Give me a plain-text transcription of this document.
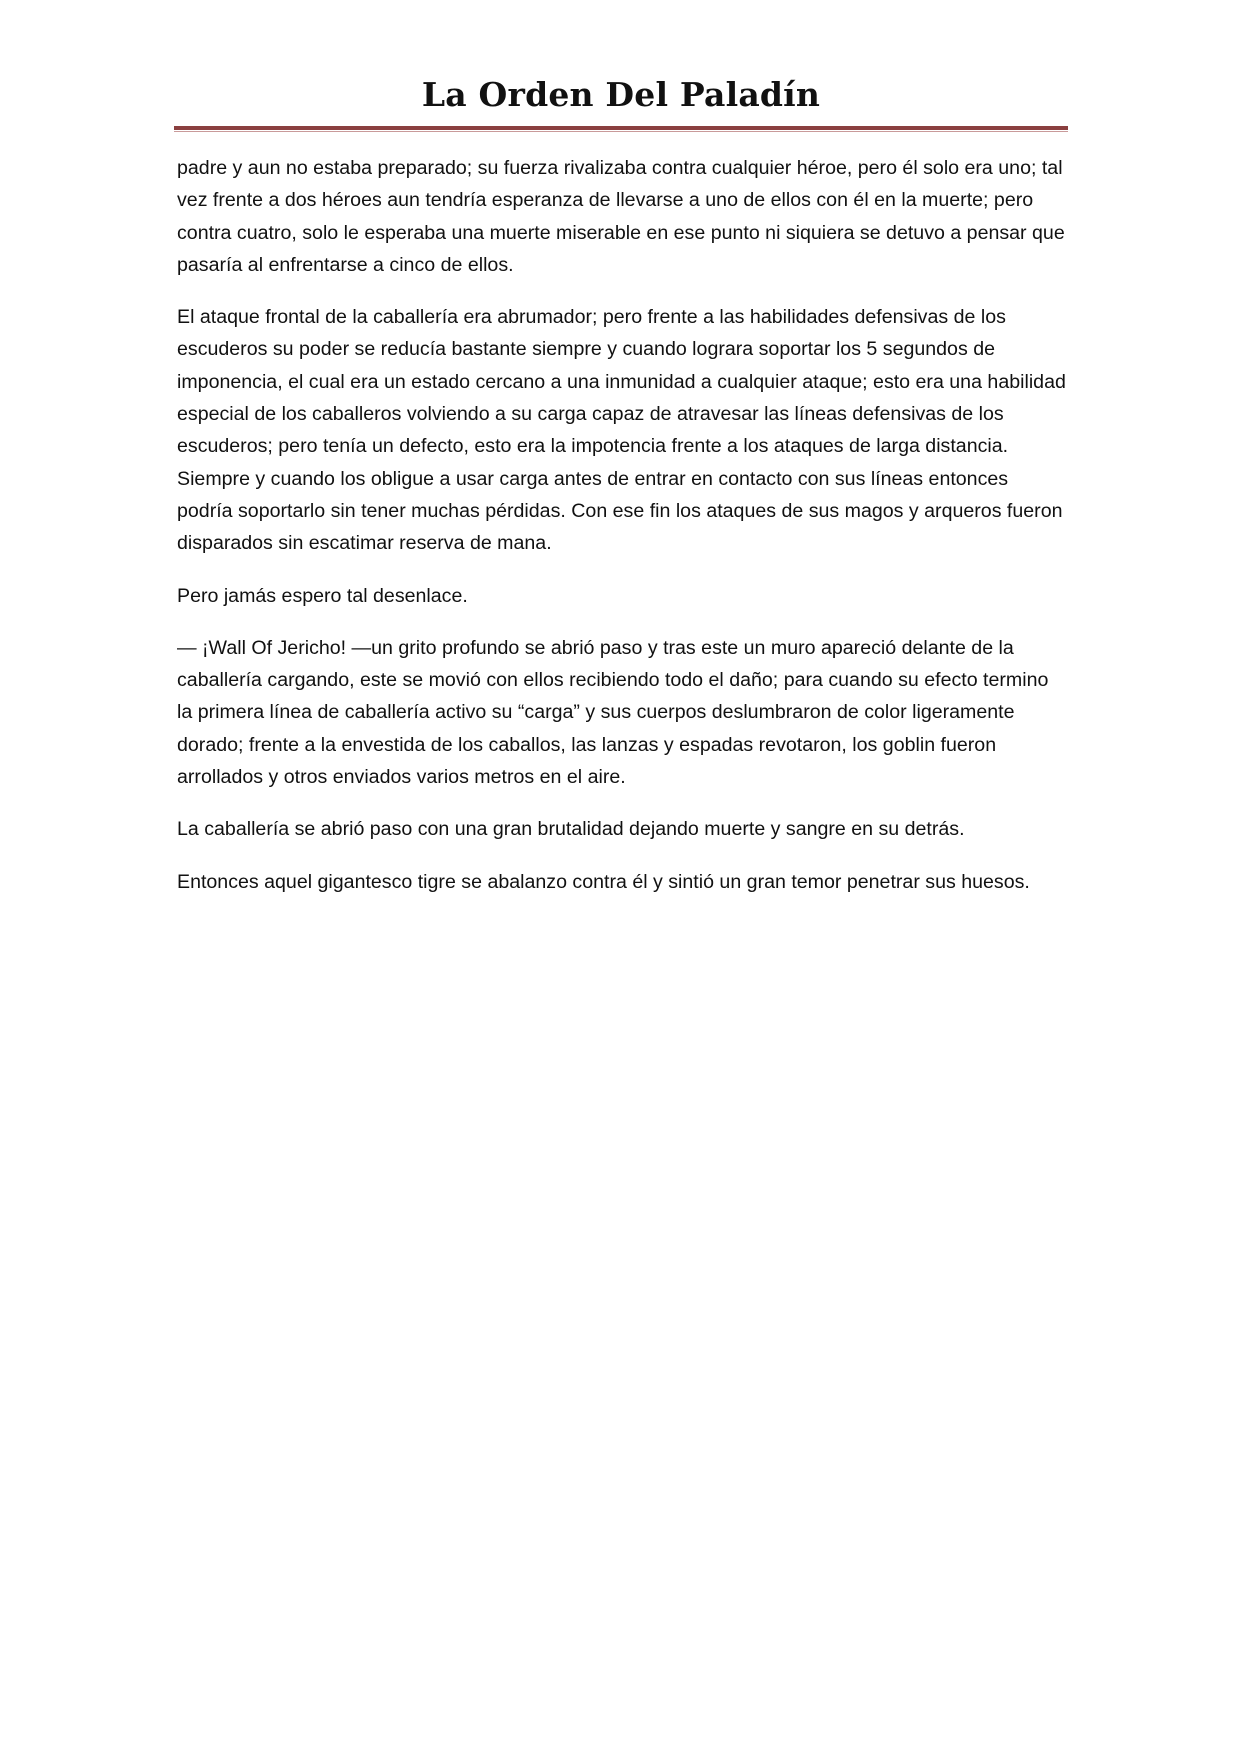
La Orden Del Paladín

padre y aun no estaba preparado; su fuerza rivalizaba contra cualquier héroe, pero él solo era uno; tal vez frente a dos héroes aun tendría esperanza de llevarse a uno de ellos con él en la muerte; pero contra cuatro, solo le esperaba una muerte miserable en ese punto ni siquiera se detuvo a pensar que pasaría al enfrentarse a cinco de ellos.

El ataque frontal de la caballería era abrumador; pero frente a las habilidades defensivas de los escuderos su poder se reducía bastante siempre y cuando lograra soportar los 5 segundos de imponencia, el cual era un estado cercano a una inmunidad a cualquier ataque; esto era una habilidad especial de los caballeros volviendo a su carga capaz de atravesar las líneas defensivas de los escuderos; pero tenía un defecto, esto era la impotencia frente a los ataques de larga distancia. Siempre y cuando los obligue a usar carga antes de entrar en contacto con sus líneas entonces podría soportarlo sin tener muchas pérdidas. Con ese fin los ataques de sus magos y arqueros fueron disparados sin escatimar reserva de mana.

Pero jamás espero tal desenlace.

— ¡Wall Of Jericho! —un grito profundo se abrió paso y tras este un muro apareció delante de la caballería cargando, este se movió con ellos recibiendo todo el daño; para cuando su efecto termino la primera línea de caballería activo su “carga” y sus cuerpos deslumbraron de color ligeramente dorado; frente a la envestida de los caballos, las lanzas y espadas revotaron, los goblin fueron arrollados y otros enviados varios metros en el aire.

La caballería se abrió paso con una gran brutalidad dejando muerte y sangre en su detrás.

Entonces aquel gigantesco tigre se abalanzo contra él y sintió un gran temor penetrar sus huesos.
